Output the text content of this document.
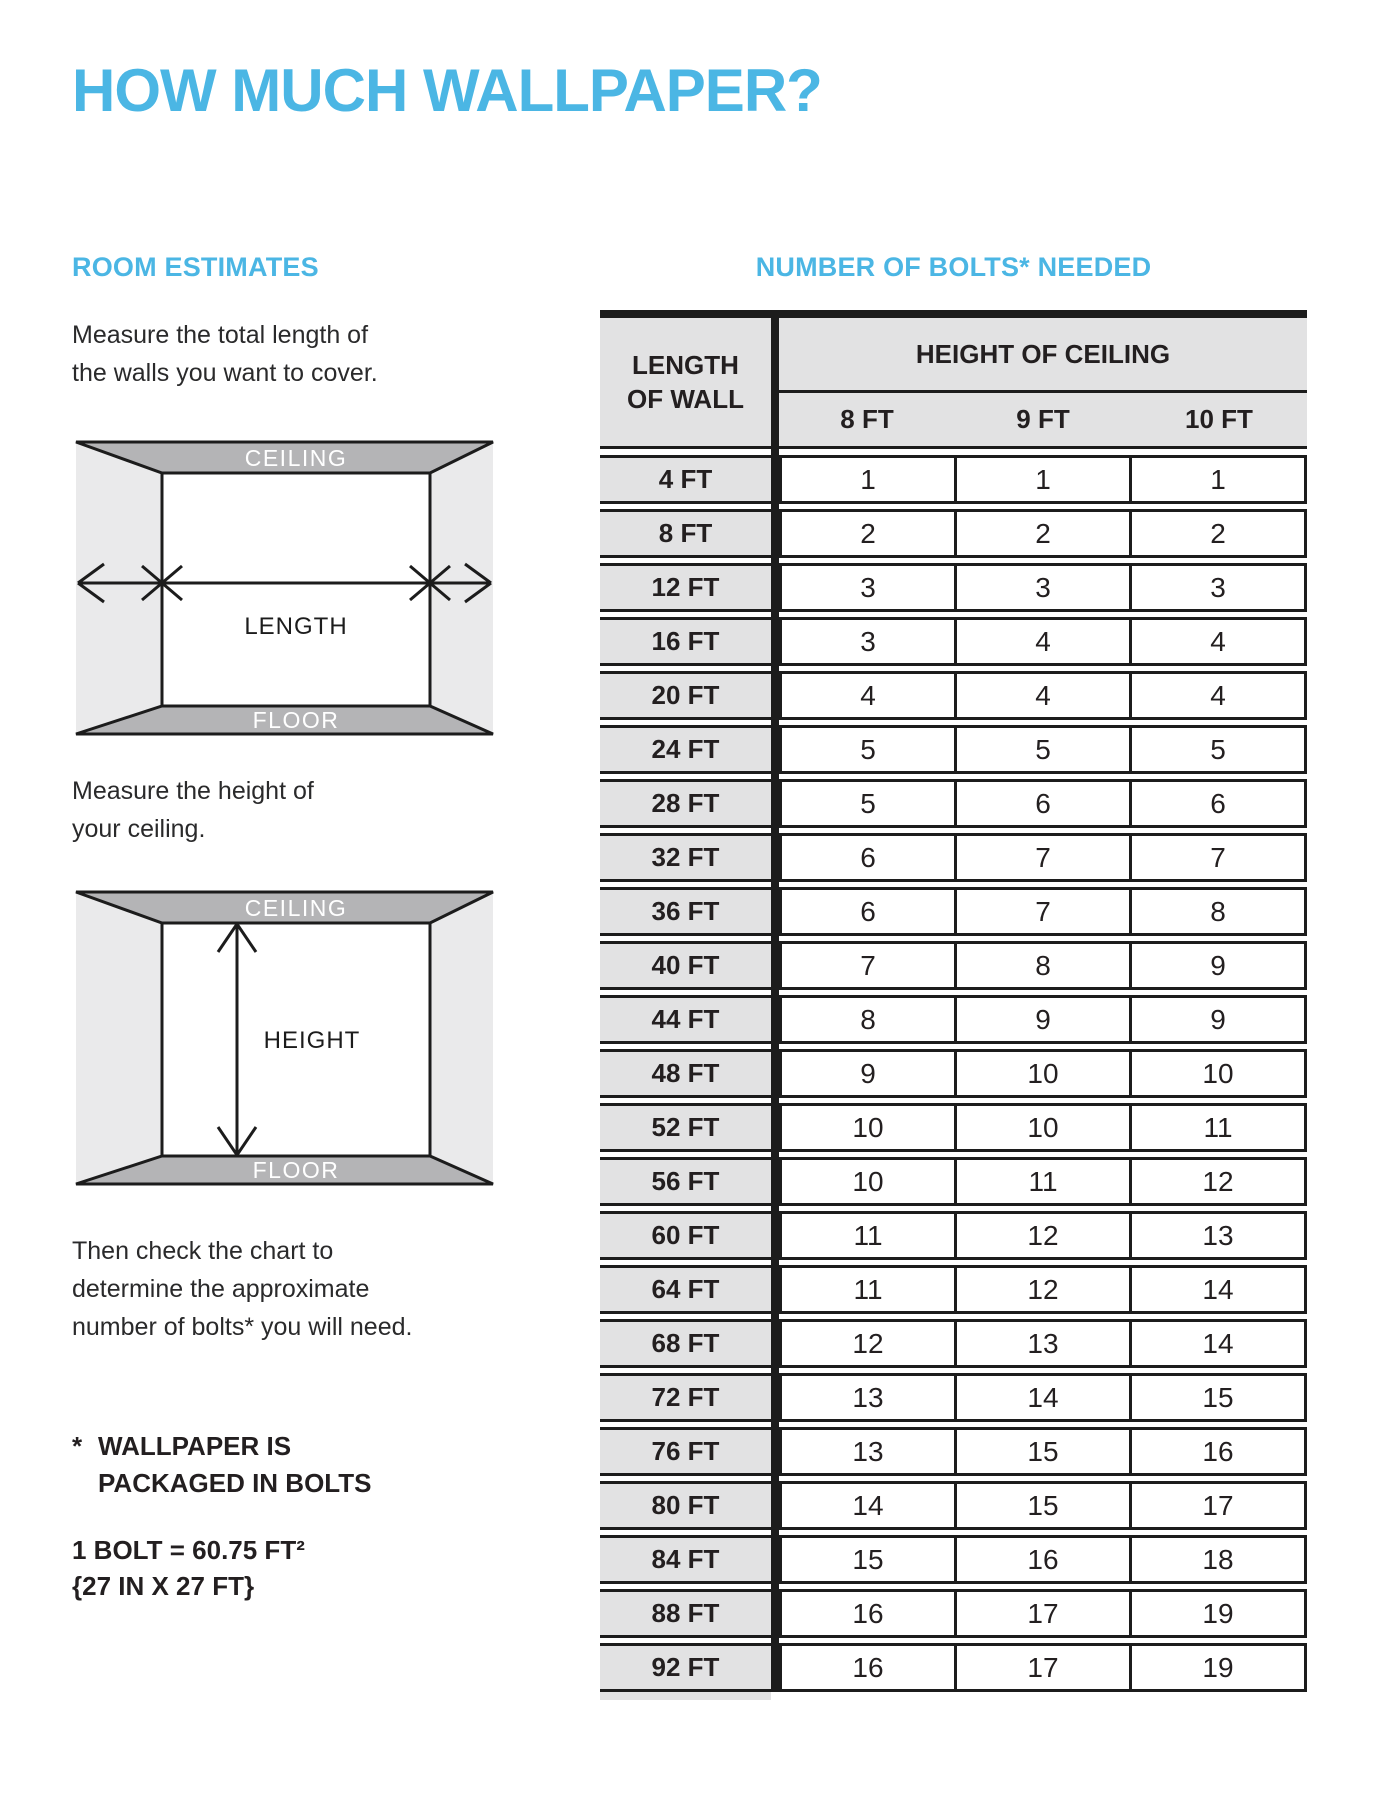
HOW MUCH WALLPAPER?
ROOM ESTIMATES	NUMBER OF BOLTS* NEEDED

Measure the total length of
the walls you want to cover.

CEILING
FLOOR
LENGTH

Measure the height of
your ceiling.

CEILING
FLOOR
HEIGHT

Then check the chart to
determine the approximate
number of bolts* you will need.

* WALLPAPER IS
PACKAGED IN BOLTS
1 BOLT = 60.75 FT²
{27 IN X 27 FT}
LENGTH
OF WALL
HEIGHT OF CEILING
8 FT	9 FT	10 FT
4 FT	1	1	1
8 FT	2	2	2
12 FT	3	3	3
16 FT	3	4	4
20 FT	4	4	4
24 FT	5	5	5
28 FT	5	6	6
32 FT	6	7	7
36 FT	6	7	8
40 FT	7	8	9
44 FT	8	9	9
48 FT	9	10	10
52 FT	10	10	11
56 FT	10	11	12
60 FT	11	12	13
64 FT	11	12	14
68 FT	12	13	14
72 FT	13	14	15
76 FT	13	15	16
80 FT	14	15	17
84 FT	15	16	18
88 FT	16	17	19
92 FT	16	17	19
